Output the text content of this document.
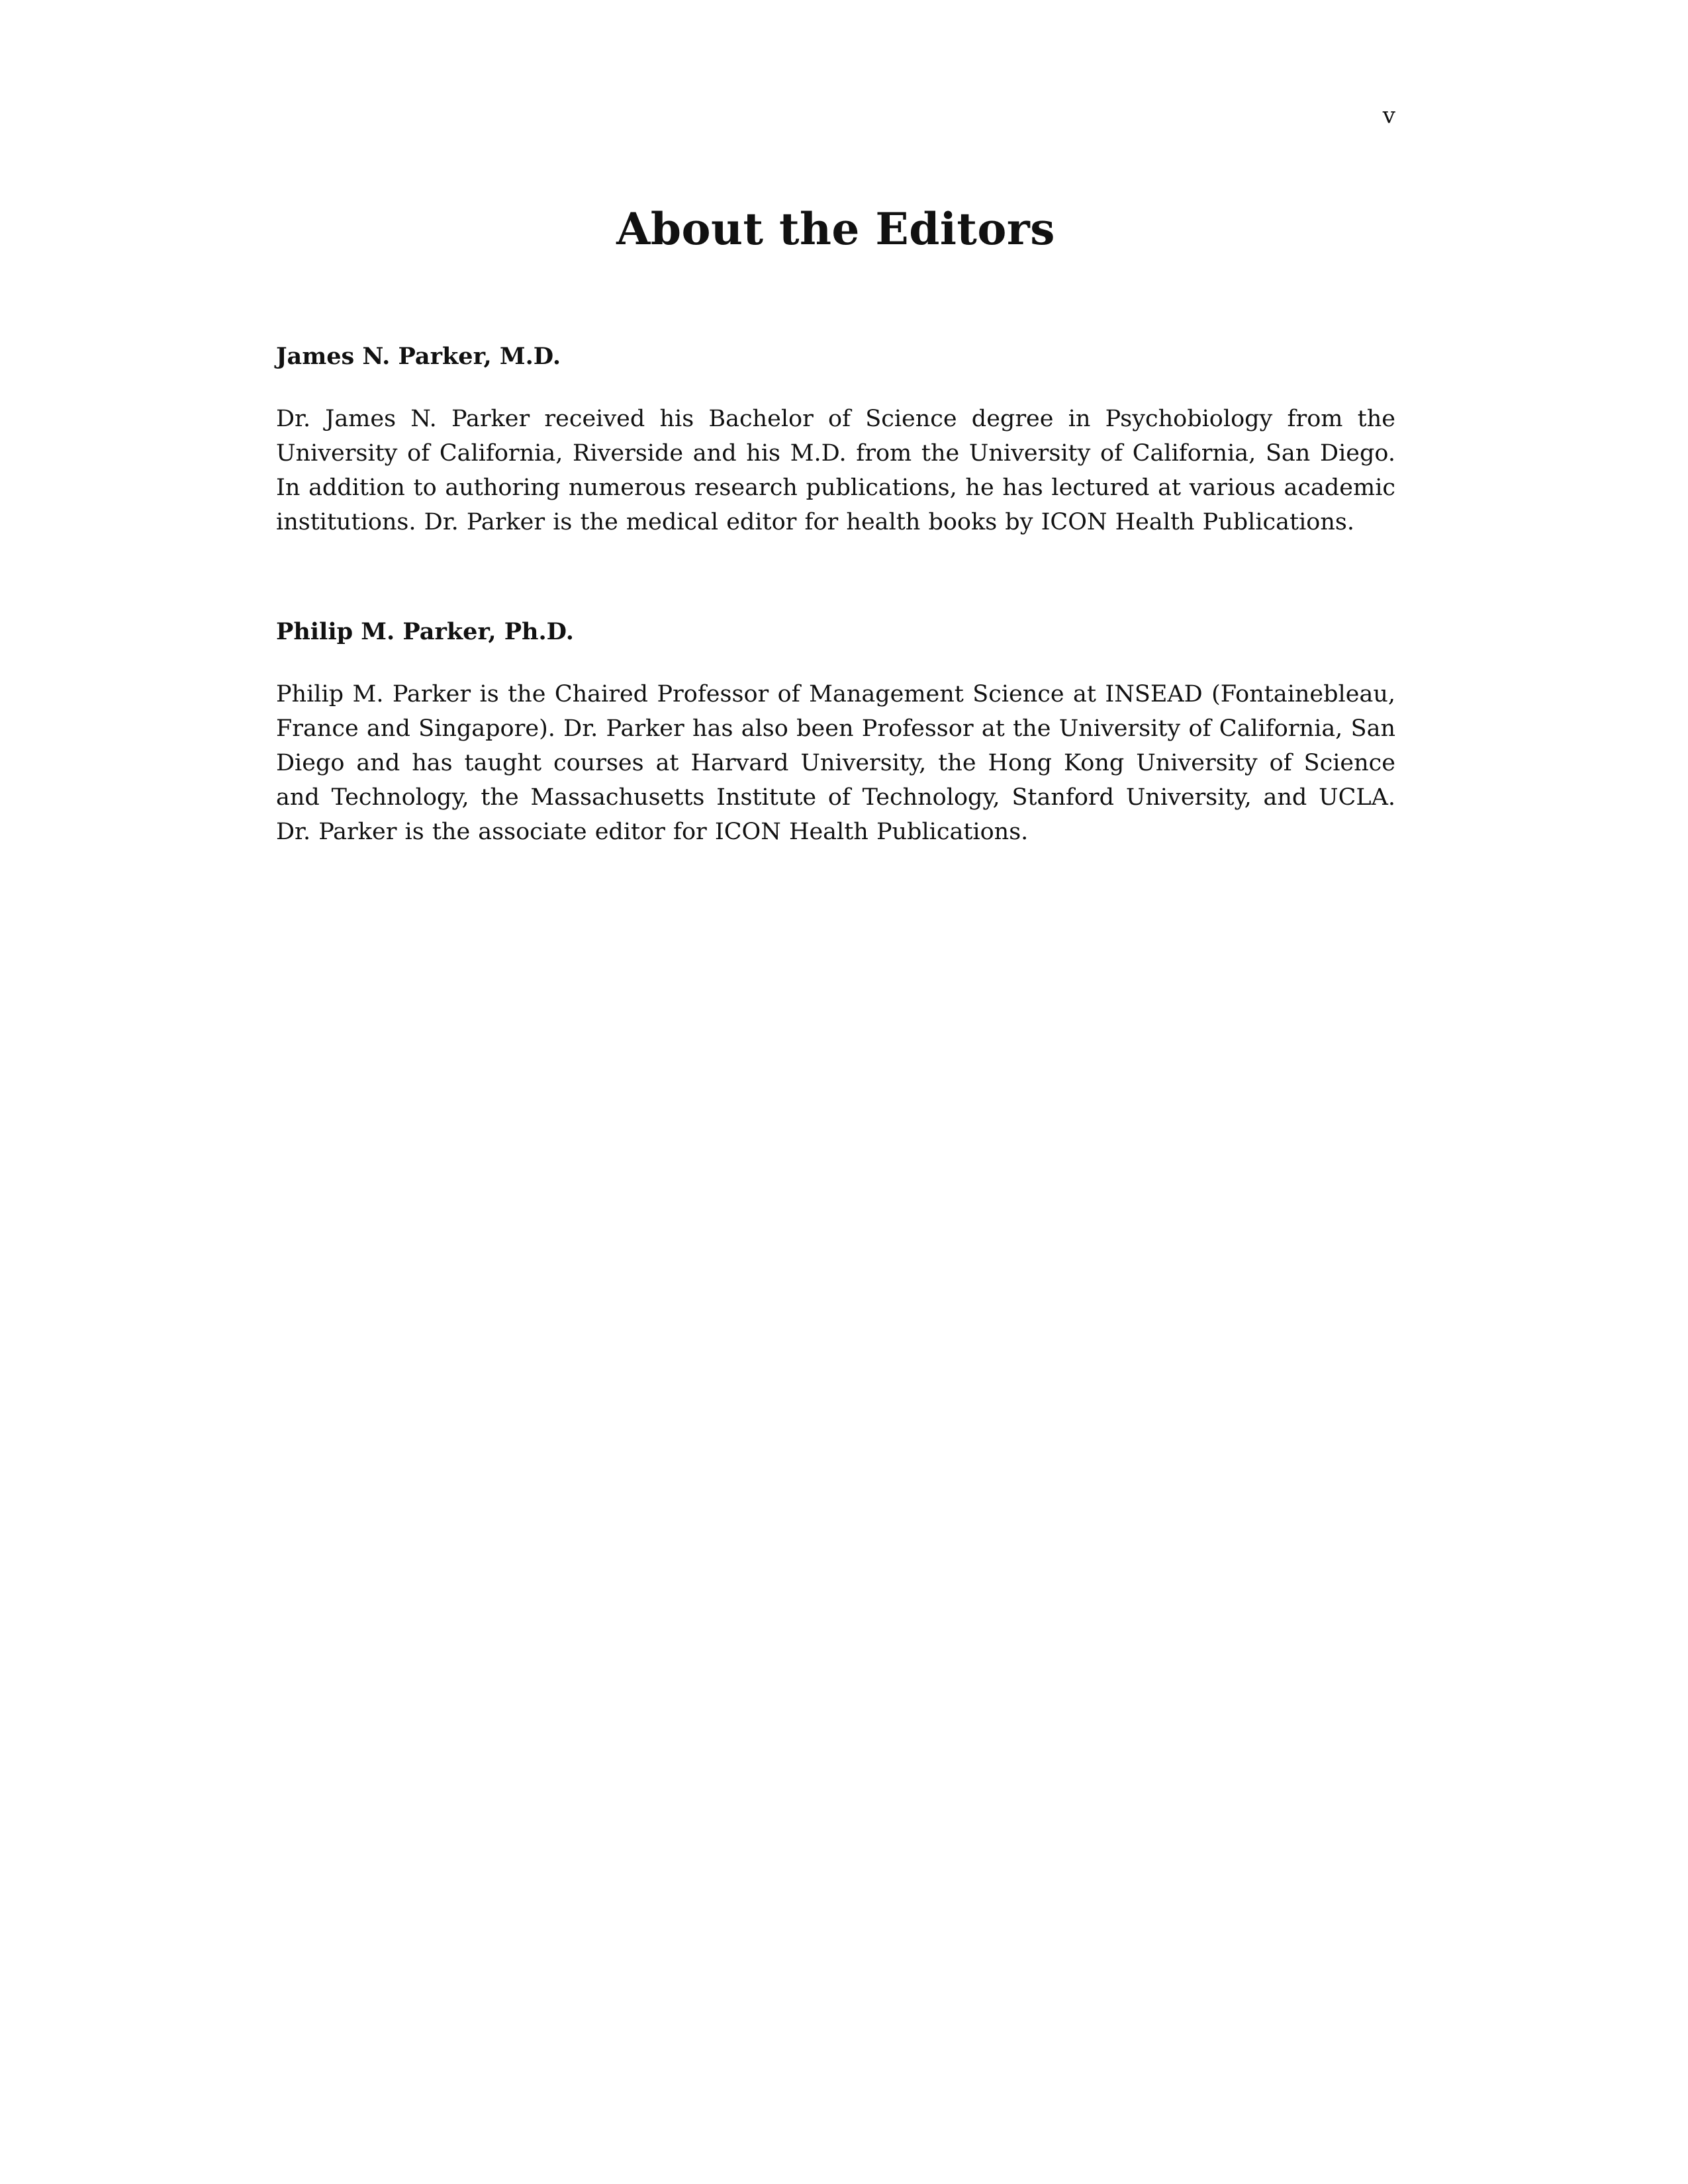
v
About the Editors
James N. Parker, M.D.
Dr. James N. Parker received his Bachelor of Science degree in Psychobiology from the University of California, Riverside and his M.D. from the University of California, San Diego. In addition to authoring numerous research publications, he has lectured at various academic institutions. Dr. Parker is the medical editor for health books by ICON Health Publications.
Philip M. Parker, Ph.D.
Philip M. Parker is the Chaired Professor of Management Science at INSEAD (Fontainebleau, France and Singapore). Dr. Parker has also been Professor at the University of California, San Diego and has taught courses at Harvard University, the Hong Kong University of Science and Technology, the Massachusetts Institute of Technology, Stanford University, and UCLA. Dr. Parker is the associate editor for ICON Health Publications.
